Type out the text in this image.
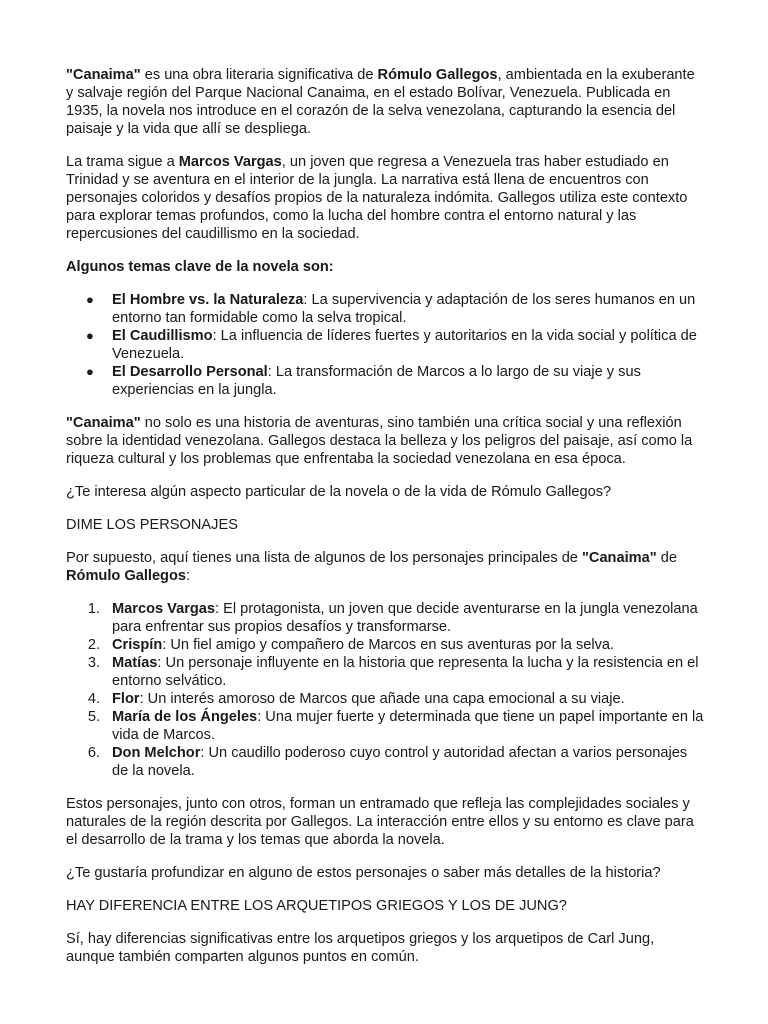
"Canaima" es una obra literaria significativa de Rómulo Gallegos, ambientada en la exuberante y salvaje región del Parque Nacional Canaima, en el estado Bolívar, Venezuela. Publicada en 1935, la novela nos introduce en el corazón de la selva venezolana, capturando la esencia del paisaje y la vida que allí se despliega.

La trama sigue a Marcos Vargas, un joven que regresa a Venezuela tras haber estudiado en Trinidad y se aventura en el interior de la jungla. La narrativa está llena de encuentros con personajes coloridos y desafíos propios de la naturaleza indómita. Gallegos utiliza este contexto para explorar temas profundos, como la lucha del hombre contra el entorno natural y las repercusiones del caudillismo en la sociedad.

Algunos temas clave de la novela son:

● El Hombre vs. la Naturaleza: La supervivencia y adaptación de los seres humanos en un entorno tan formidable como la selva tropical.
● El Caudillismo: La influencia de líderes fuertes y autoritarios en la vida social y política de Venezuela.
● El Desarrollo Personal: La transformación de Marcos a lo largo de su viaje y sus experiencias en la jungla.

"Canaima" no solo es una historia de aventuras, sino también una crítica social y una reflexión sobre la identidad venezolana. Gallegos destaca la belleza y los peligros del paisaje, así como la riqueza cultural y los problemas que enfrentaba la sociedad venezolana en esa época.

¿Te interesa algún aspecto particular de la novela o de la vida de Rómulo Gallegos?

DIME LOS PERSONAJES

Por supuesto, aquí tienes una lista de algunos de los personajes principales de "Canaima" de Rómulo Gallegos:

1. Marcos Vargas: El protagonista, un joven que decide aventurarse en la jungla venezolana para enfrentar sus propios desafíos y transformarse.
2. Crispín: Un fiel amigo y compañero de Marcos en sus aventuras por la selva.
3. Matías: Un personaje influyente en la historia que representa la lucha y la resistencia en el entorno selvático.
4. Flor: Un interés amoroso de Marcos que añade una capa emocional a su viaje.
5. María de los Ángeles: Una mujer fuerte y determinada que tiene un papel importante en la vida de Marcos.
6. Don Melchor: Un caudillo poderoso cuyo control y autoridad afectan a varios personajes de la novela.

Estos personajes, junto con otros, forman un entramado que refleja las complejidades sociales y naturales de la región descrita por Gallegos. La interacción entre ellos y su entorno es clave para el desarrollo de la trama y los temas que aborda la novela.

¿Te gustaría profundizar en alguno de estos personajes o saber más detalles de la historia?

HAY DIFERENCIA ENTRE LOS ARQUETIPOS GRIEGOS Y LOS DE JUNG?

Sí, hay diferencias significativas entre los arquetipos griegos y los arquetipos de Carl Jung, aunque también comparten algunos puntos en común.
